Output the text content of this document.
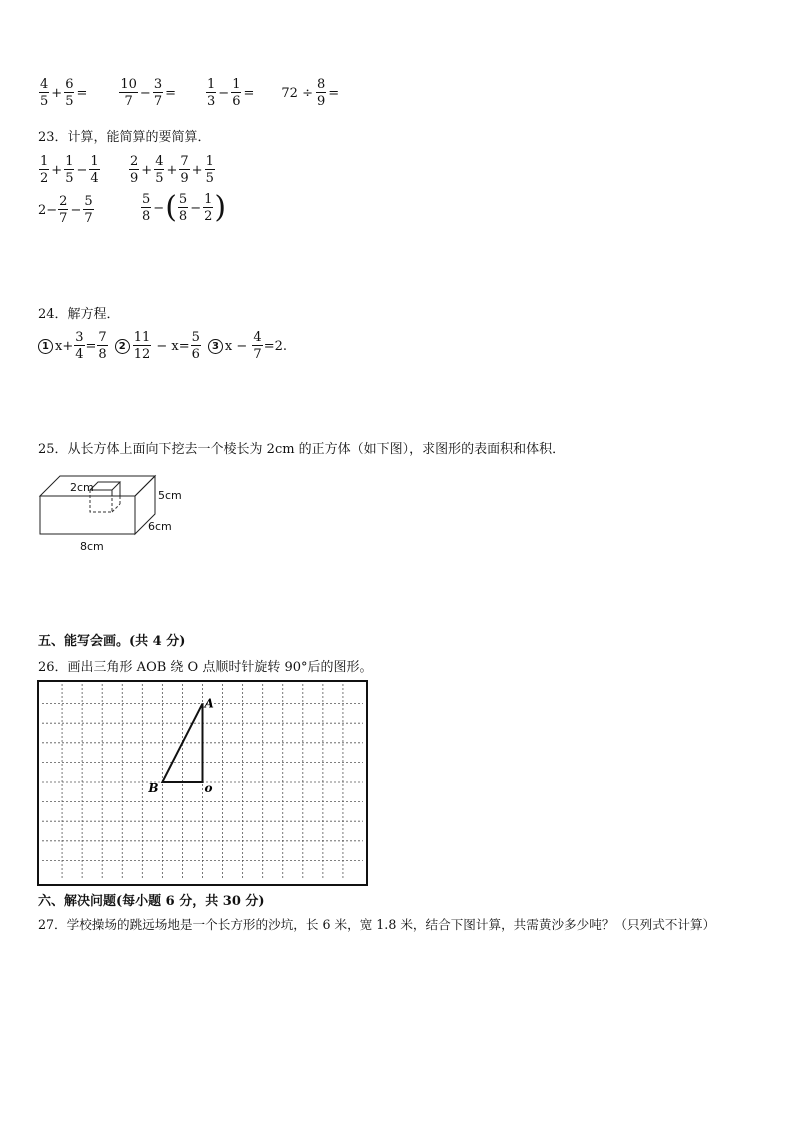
$\frac{4}{5} + \frac{6}{5} = \frac{10}{7} - \frac{3}{7} = \frac{1}{3} - \frac{1}{6} = 72 \div \frac{8}{9}$ =
23．计算，能简算的要简算．
$\frac{1}{2} + \frac{1}{5} - \frac{1}{4} \frac{2}{9} + \frac{4}{5} + \frac{7}{9} + \frac{1}{5}$
$2- \frac{2}{7} - \frac{5}{7}$	$\frac{5}{8}$ − ( $\frac{5}{8} - \frac{1}{2}$ )
24．解方程．
1 $x+ \frac{3}{4} = \frac{7}{8}$	$2 \frac{11}{12} - x= \frac{5}{6}$	3 $x - \frac{4}{7} =2$.
25．从长方体上面向下挖去一个棱长为 2cm 的正方体（如下图），求图形的表面积和体积．
2cm
5cm
6cm
8cm
五、能写会画。(共 4 分)
26．画出三角形 AOB 绕 O 点顺时针旋转 90°后的图形。
A
B	o
六、解决问题(每小题 6 分，共 30 分)
27．学校操场的跳远场地是一个长方形的沙坑，长 6 米，宽 1.8 米，结合下图计算，共需黄沙多少吨？（只列式不计算）
